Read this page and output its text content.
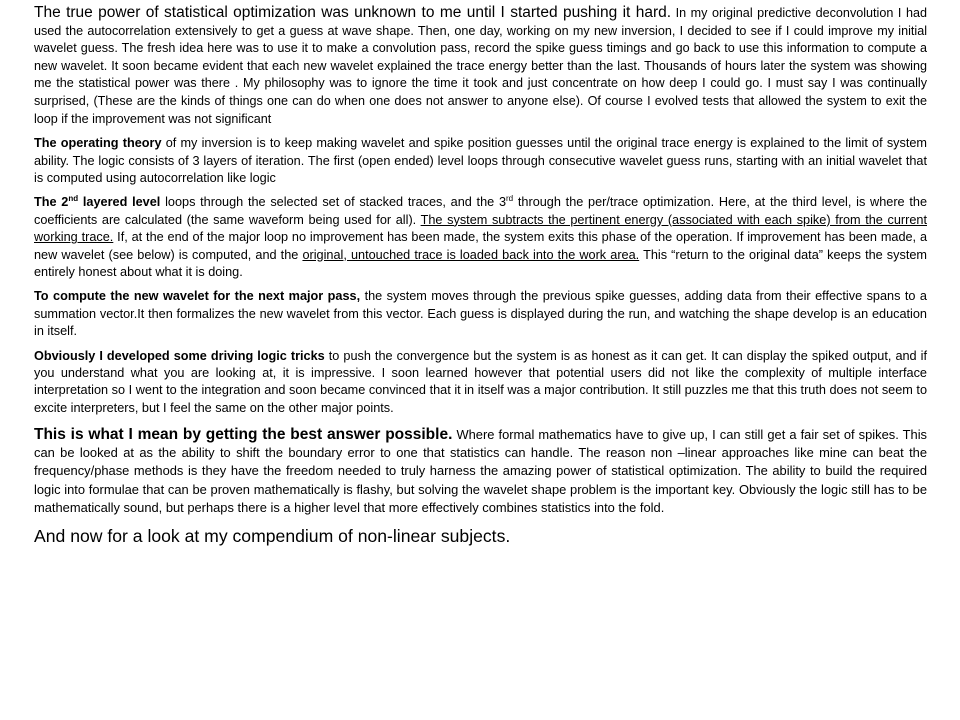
The true power of statistical optimization was unknown to me until I started pushing it hard. In my original predictive deconvolution I had used the autocorrelation extensively to get a guess at wave shape. Then, one day, working on my new inversion, I decided to see if I could improve my initial wavelet guess. The fresh idea here was to use it to make a convolution pass, record the spike guess timings and go back to use this information to compute a new wavelet. It soon became evident that each new wavelet explained the trace energy better than the last. Thousands of hours later the system was showing me the statistical power was there . My philosophy was to ignore the time it took and just concentrate on how deep I could go. I must say I was continually surprised, (These are the kinds of things one can do when one does not answer to anyone else). Of course I evolved tests that allowed the system to exit the loop if the improvement was not significant

The operating theory of my inversion is to keep making wavelet and spike position guesses until the original trace energy is explained to the limit of system ability. The logic consists of 3 layers of iteration. The first (open ended) level loops through consecutive wavelet guess runs, starting with an initial wavelet that is computed using autocorrelation like logic

The 2nd layered level loops through the selected set of stacked traces, and the 3rd through the per/trace optimization. Here, at the third level, is where the coefficients are calculated (the same waveform being used for all). The system subtracts the pertinent energy (associated with each spike) from the current working trace. If, at the end of the major loop no improvement has been made, the system exits this phase of the operation. If improvement has been made, a new wavelet (see below) is computed, and the original, untouched trace is loaded back into the work area. This “return to the original data” keeps the system entirely honest about what it is doing.

To compute the new wavelet for the next major pass, the system moves through the previous spike guesses, adding data from their effective spans to a summation vector.It then formalizes the new wavelet from this vector. Each guess is displayed during the run, and watching the shape develop is an education in itself.

Obviously I developed some driving logic tricks to push the convergence but the system is as honest as it can get. It can display the spiked output, and if you understand what you are looking at, it is impressive. I soon learned however that potential users did not like the complexity of multiple interface interpretation so I went to the integration and soon became convinced that it in itself was a major contribution. It still puzzles me that this truth does not seem to excite interpreters, but I feel the same on the other major points.

This is what I mean by getting the best answer possible. Where formal mathematics have to give up, I can still get a fair set of spikes. This can be looked at as the ability to shift the boundary error to one that statistics can handle. The reason non –linear approaches like mine can beat the frequency/phase methods is they have the freedom needed to truly harness the amazing power of statistical optimization. The ability to build the required logic into formulae that can be proven mathematically is flashy, but solving the wavelet shape problem is the important key. Obviously the logic still has to be mathematically sound, but perhaps there is a higher level that more effectively combines statistics into the fold.

And now for a look at my compendium of non-linear subjects.
